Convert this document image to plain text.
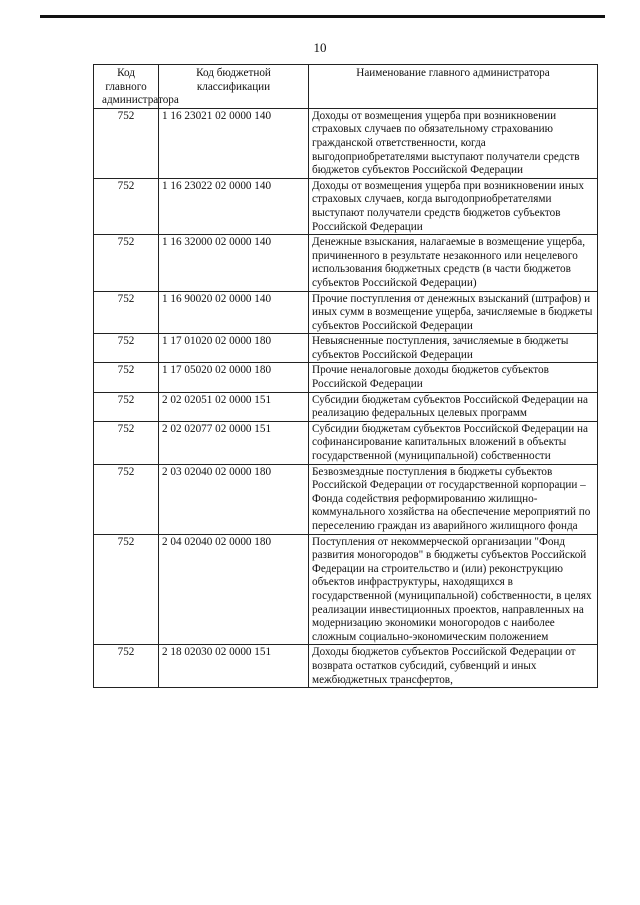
10
Код главного администратора	Код бюджетной классификации	Наименование главного администратора
752	1 16 23021 02 0000 140	Доходы от возмещения ущерба при возникновении страховых случаев по обязательному страхованию гражданской ответственности, когда выгодоприобретателями выступают получатели средств бюджетов субъектов Российской Федерации
752	1 16 23022 02 0000 140	Доходы от возмещения ущерба при возникновении иных страховых случаев, когда выгодоприобретателями выступают получатели средств бюджетов субъектов Российской Федерации
752	1 16 32000 02 0000 140	Денежные взыскания, налагаемые в возмещение ущерба, причиненного в результате незаконного или нецелевого использования бюджетных средств (в части бюджетов субъектов Российской Федерации)
752	1 16 90020 02 0000 140	Прочие поступления от денежных взысканий (штрафов) и иных сумм в возмещение ущерба, зачисляемые в бюджеты субъектов Российской Федерации
752	1 17 01020 02 0000 180	Невыясненные поступления, зачисляемые в бюджеты субъектов Российской Федерации
752	1 17 05020 02 0000 180	Прочие неналоговые доходы бюджетов субъектов Российской Федерации
752	2 02 02051 02 0000 151	Субсидии бюджетам субъектов Российской Федерации на реализацию федеральных целевых программ
752	2 02 02077 02 0000 151	Субсидии бюджетам субъектов Российской Федерации на софинансирование капитальных вложений в объекты государственной (муниципальной) собственности
752	2 03 02040 02 0000 180	Безвозмездные поступления в бюджеты субъектов Российской Федерации от государственной корпорации – Фонда содействия реформированию жилищно-коммунального хозяйства на обеспечение мероприятий по переселению граждан из аварийного жилищного фонда
752	2 04 02040 02 0000 180	Поступления от некоммерческой организации "Фонд развития моногородов" в бюджеты субъектов Российской Федерации на строительство и (или) реконструкцию объектов инфраструктуры, находящихся в государственной (муниципальной) собственности, в целях реализации инвестиционных проектов, направленных на модернизацию экономики моногородов с наиболее сложным социально-экономическим положением
752	2 18 02030 02 0000 151	Доходы бюджетов субъектов Российской Федерации от возврата остатков субсидий, субвенций и иных межбюджетных трансфертов,
